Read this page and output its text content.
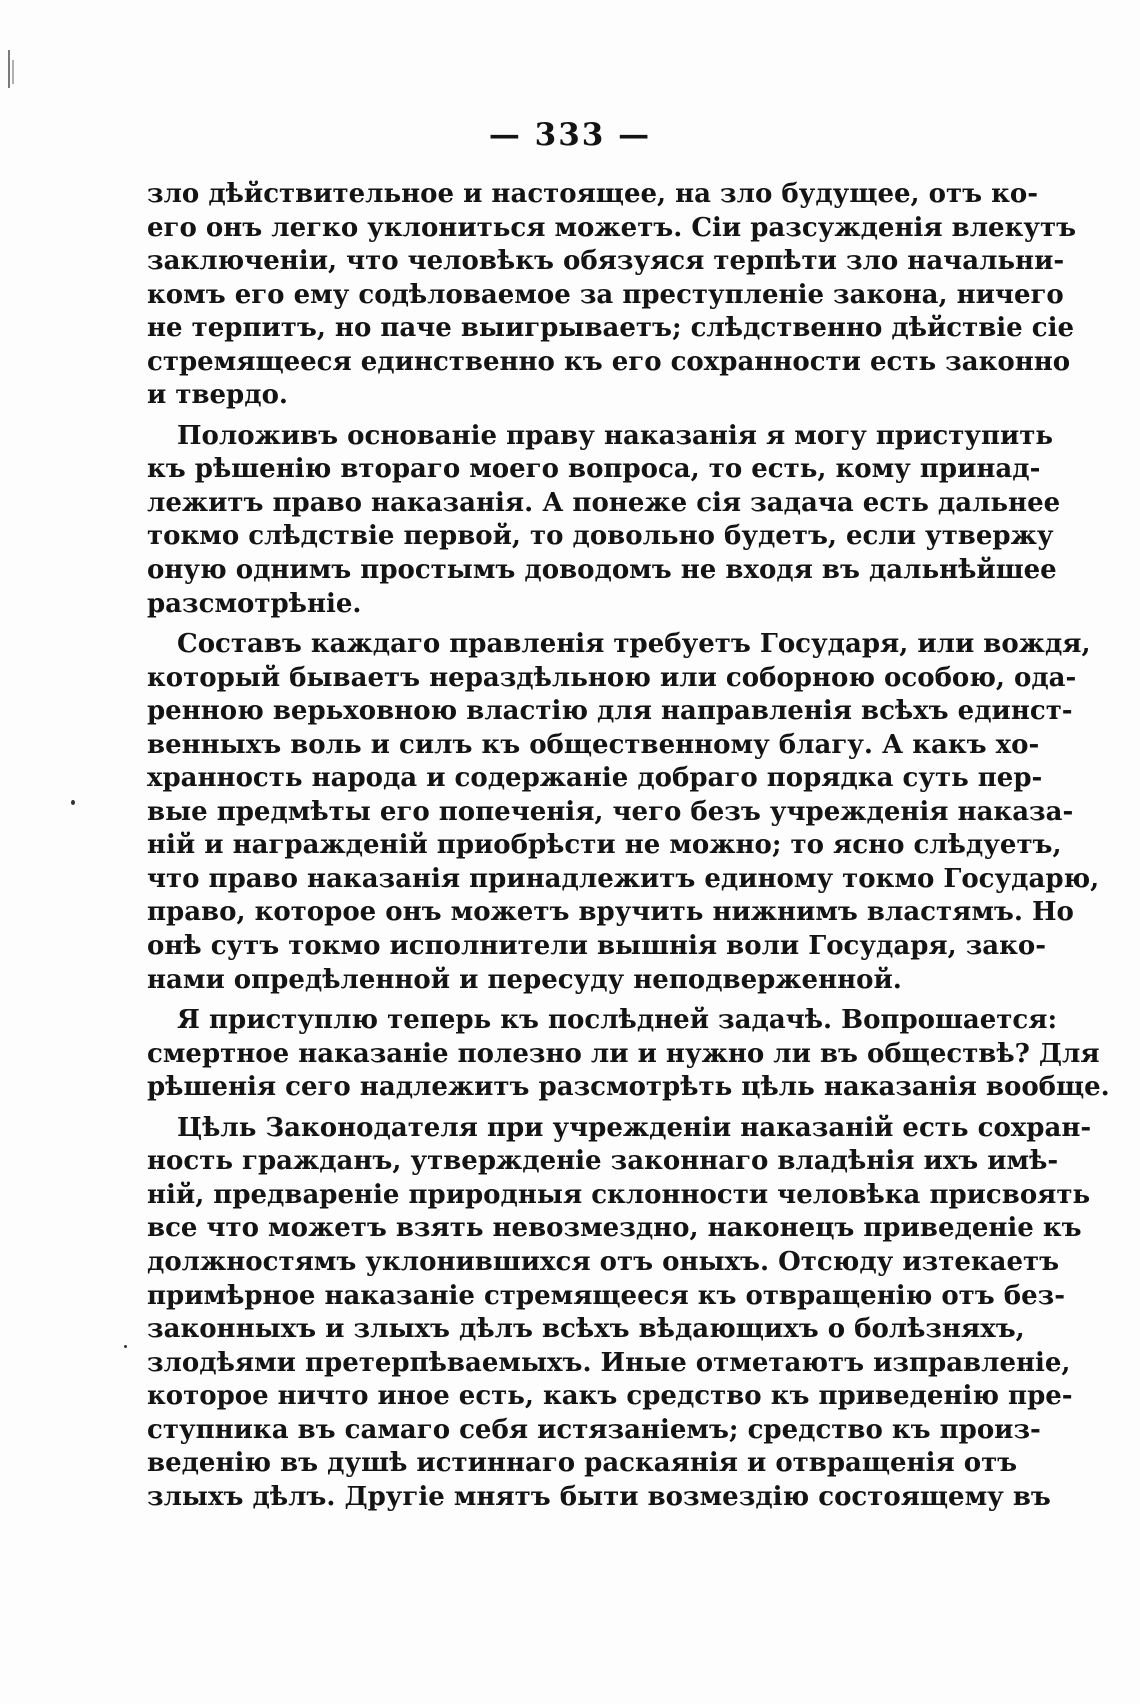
— 333 —
зло дѣйствительное и настоящее, на зло будущее, отъ ко-
его онъ легко уклониться можетъ. Сіи разсужденія влекутъ
заключеніи, что человѣкъ обязуяся терпѣти зло начальни-
комъ его ему содѣловаемое за преступленіе закона, ничего
не терпитъ, но паче выигрываетъ; слѣдственно дѣйствіе сіе
стремящееся единственно къ его сохранности есть законно
и твердо.
Положивъ основаніе праву наказанія я могу приступить
къ рѣшенію втораго моего вопроса, то есть, кому принад-
лежитъ право наказанія. А понеже сія задача есть дальнее
токмо слѣдствіе первой, то довольно будетъ, если утвержу
оную однимъ простымъ доводомъ не входя въ дальнѣйшее
разсмотрѣніе.
Составъ каждаго правленія требуетъ Государя, или вождя,
который бываетъ нераздѣльною или соборною особою, ода-
ренною верьховною властію для направленія всѣхъ единст-
венныхъ воль и силъ къ общественному благу. А какъ хо-
хранность народа и содержаніе добраго порядка суть пер-
вые предмѣты его попеченія, чего безъ учрежденія наказа-
ній и награжденій приобрѣсти не можно; то ясно слѣдуетъ,
что право наказанія принадлежитъ единому токмо Государю,
право, которое онъ можетъ вручить нижнимъ властямъ. Но
онѣ сутъ токмо исполнители вышнія воли Государя, зако-
нами опредѣленной и пересуду неподверженной.
Я приступлю теперь къ послѣдней задачѣ. Вопрошается:
смертное наказаніе полезно ли и нужно ли въ обществѣ? Для
рѣшенія сего надлежитъ разсмотрѣть цѣль наказанія вообще.
Цѣль Законодателя при учрежденіи наказаній есть сохран-
ность гражданъ, утвержденіе законнаго владѣнія ихъ имѣ-
ній, предвареніе природныя склонности человѣка присвоять
все что можетъ взять невозмездно, наконецъ приведеніе къ
должностямъ уклонившихся отъ оныхъ. Отсюду изтекаетъ
примѣрное наказаніе стремящееся къ отвращенію отъ без-
законныхъ и злыхъ дѣлъ всѣхъ вѣдающихъ о болѣзняхъ,
злодѣями претерпѣваемыхъ. Иные отметаютъ изправленіе,
которое ничто иное есть, какъ средство къ приведенію пре-
ступника въ самаго себя истязаніемъ; средство къ произ-
веденію въ душѣ истиннаго раскаянія и отвращенія отъ
злыхъ дѣлъ. Другіе мнятъ быти возмездію состоящему въ
